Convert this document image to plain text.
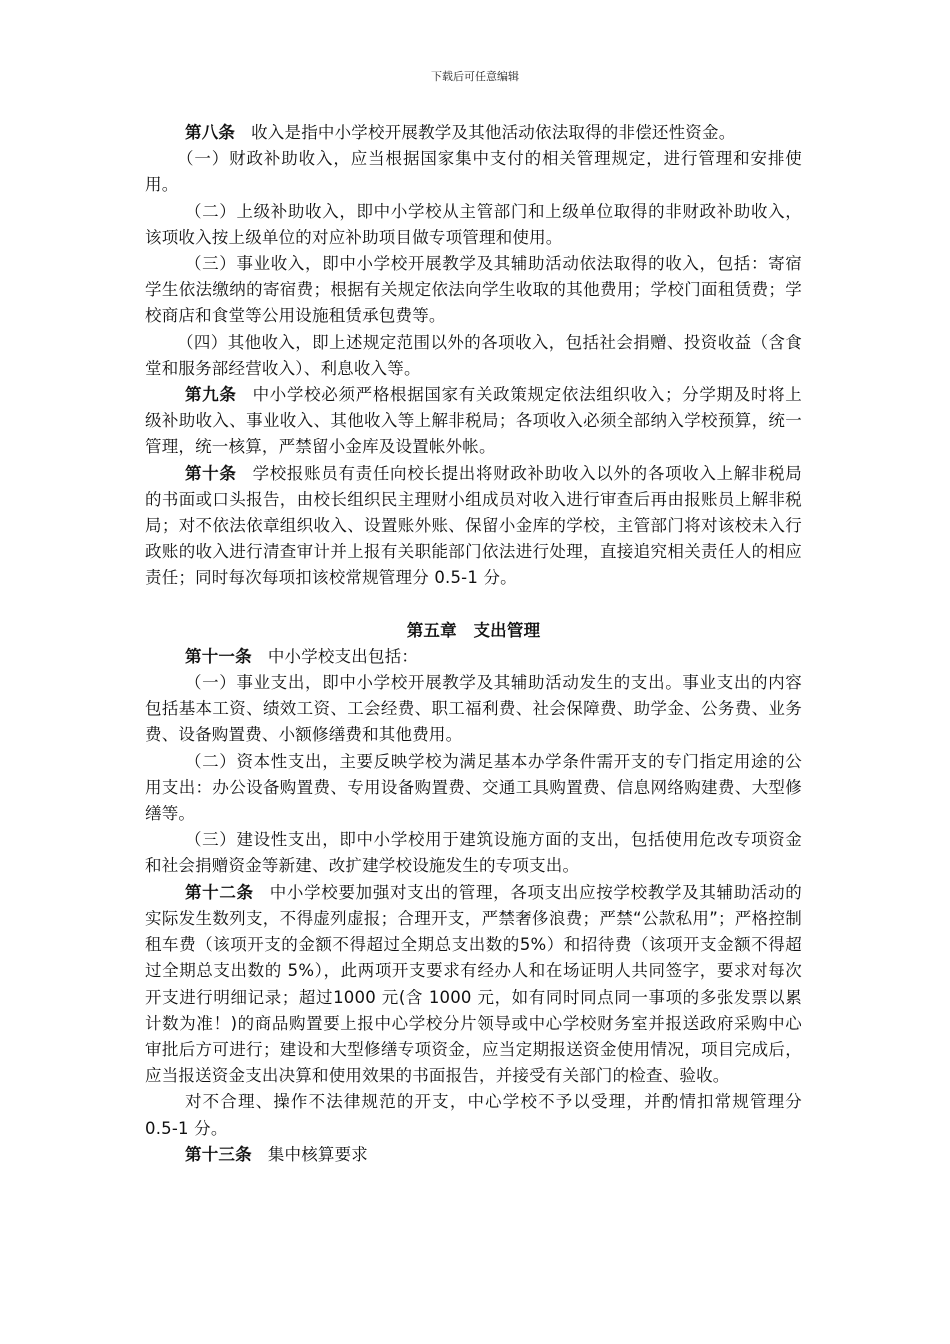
下载后可任意编辑

第八条 收入是指中小学校开展教学及其他活动依法取得的非偿还性资金。

（一）财政补助收入，应当根据国家集中支付的相关管理规定，进行管理和安排使用。

（二）上级补助收入，即中小学校从主管部门和上级单位取得的非财政补助收入，该项收入按上级单位的对应补助项目做专项管理和使用。

（三）事业收入，即中小学校开展教学及其辅助活动依法取得的收入，包括：寄宿学生依法缴纳的寄宿费；根据有关规定依法向学生收取的其他费用；学校门面租赁费；学校商店和食堂等公用设施租赁承包费等。

（四）其他收入，即上述规定范围以外的各项收入，包括社会捐赠、投资收益（含食堂和服务部经营收入）、利息收入等。

第九条 中小学校必须严格根据国家有关政策规定依法组织收入；分学期及时将上级补助收入、事业收入、其他收入等上解非税局；各项收入必须全部纳入学校预算，统一管理，统一核算，严禁留小金库及设置帐外帐。

第十条 学校报账员有责任向校长提出将财政补助收入以外的各项收入上解非税局的书面或口头报告，由校长组织民主理财小组成员对收入进行审查后再由报账员上解非税局；对不依法依章组织收入、设置账外账、保留小金库的学校，主管部门将对该校未入行政账的收入进行清查审计并上报有关职能部门依法进行处理，直接追究相关责任人的相应责任；同时每次每项扣该校常规管理分 0.5-1 分。

第五章　支出管理

第十一条 中小学校支出包括：

（一）事业支出，即中小学校开展教学及其辅助活动发生的支出。事业支出的内容包括基本工资、绩效工资、工会经费、职工福利费、社会保障费、助学金、公务费、业务费、设备购置费、小额修缮费和其他费用。

（二）资本性支出，主要反映学校为满足基本办学条件需开支的专门指定用途的公用支出：办公设备购置费、专用设备购置费、交通工具购置费、信息网络购建费、大型修缮等。

（三）建设性支出，即中小学校用于建筑设施方面的支出，包括使用危改专项资金和社会捐赠资金等新建、改扩建学校设施发生的专项支出。

第十二条 中小学校要加强对支出的管理，各项支出应按学校教学及其辅助活动的实际发生数列支，不得虚列虚报；合理开支，严禁奢侈浪费；严禁“公款私用”；严格控制租车费（该项开支的金额不得超过全期总支出数的5%）和招待费（该项开支金额不得超过全期总支出数的 5%），此两项开支要求有经办人和在场证明人共同签字，要求对每次开支进行明细记录；超过1000 元(含 1000 元，如有同时同点同一事项的多张发票以累计数为准！)的商品购置要上报中心学校分片领导或中心学校财务室并报送政府采购中心审批后方可进行；建设和大型修缮专项资金，应当定期报送资金使用情况，项目完成后，应当报送资金支出决算和使用效果的书面报告，并接受有关部门的检查、验收。

对不合理、操作不法律规范的开支，中心学校不予以受理，并酌情扣常规管理分 0.5-1 分。

第十三条 集中核算要求
